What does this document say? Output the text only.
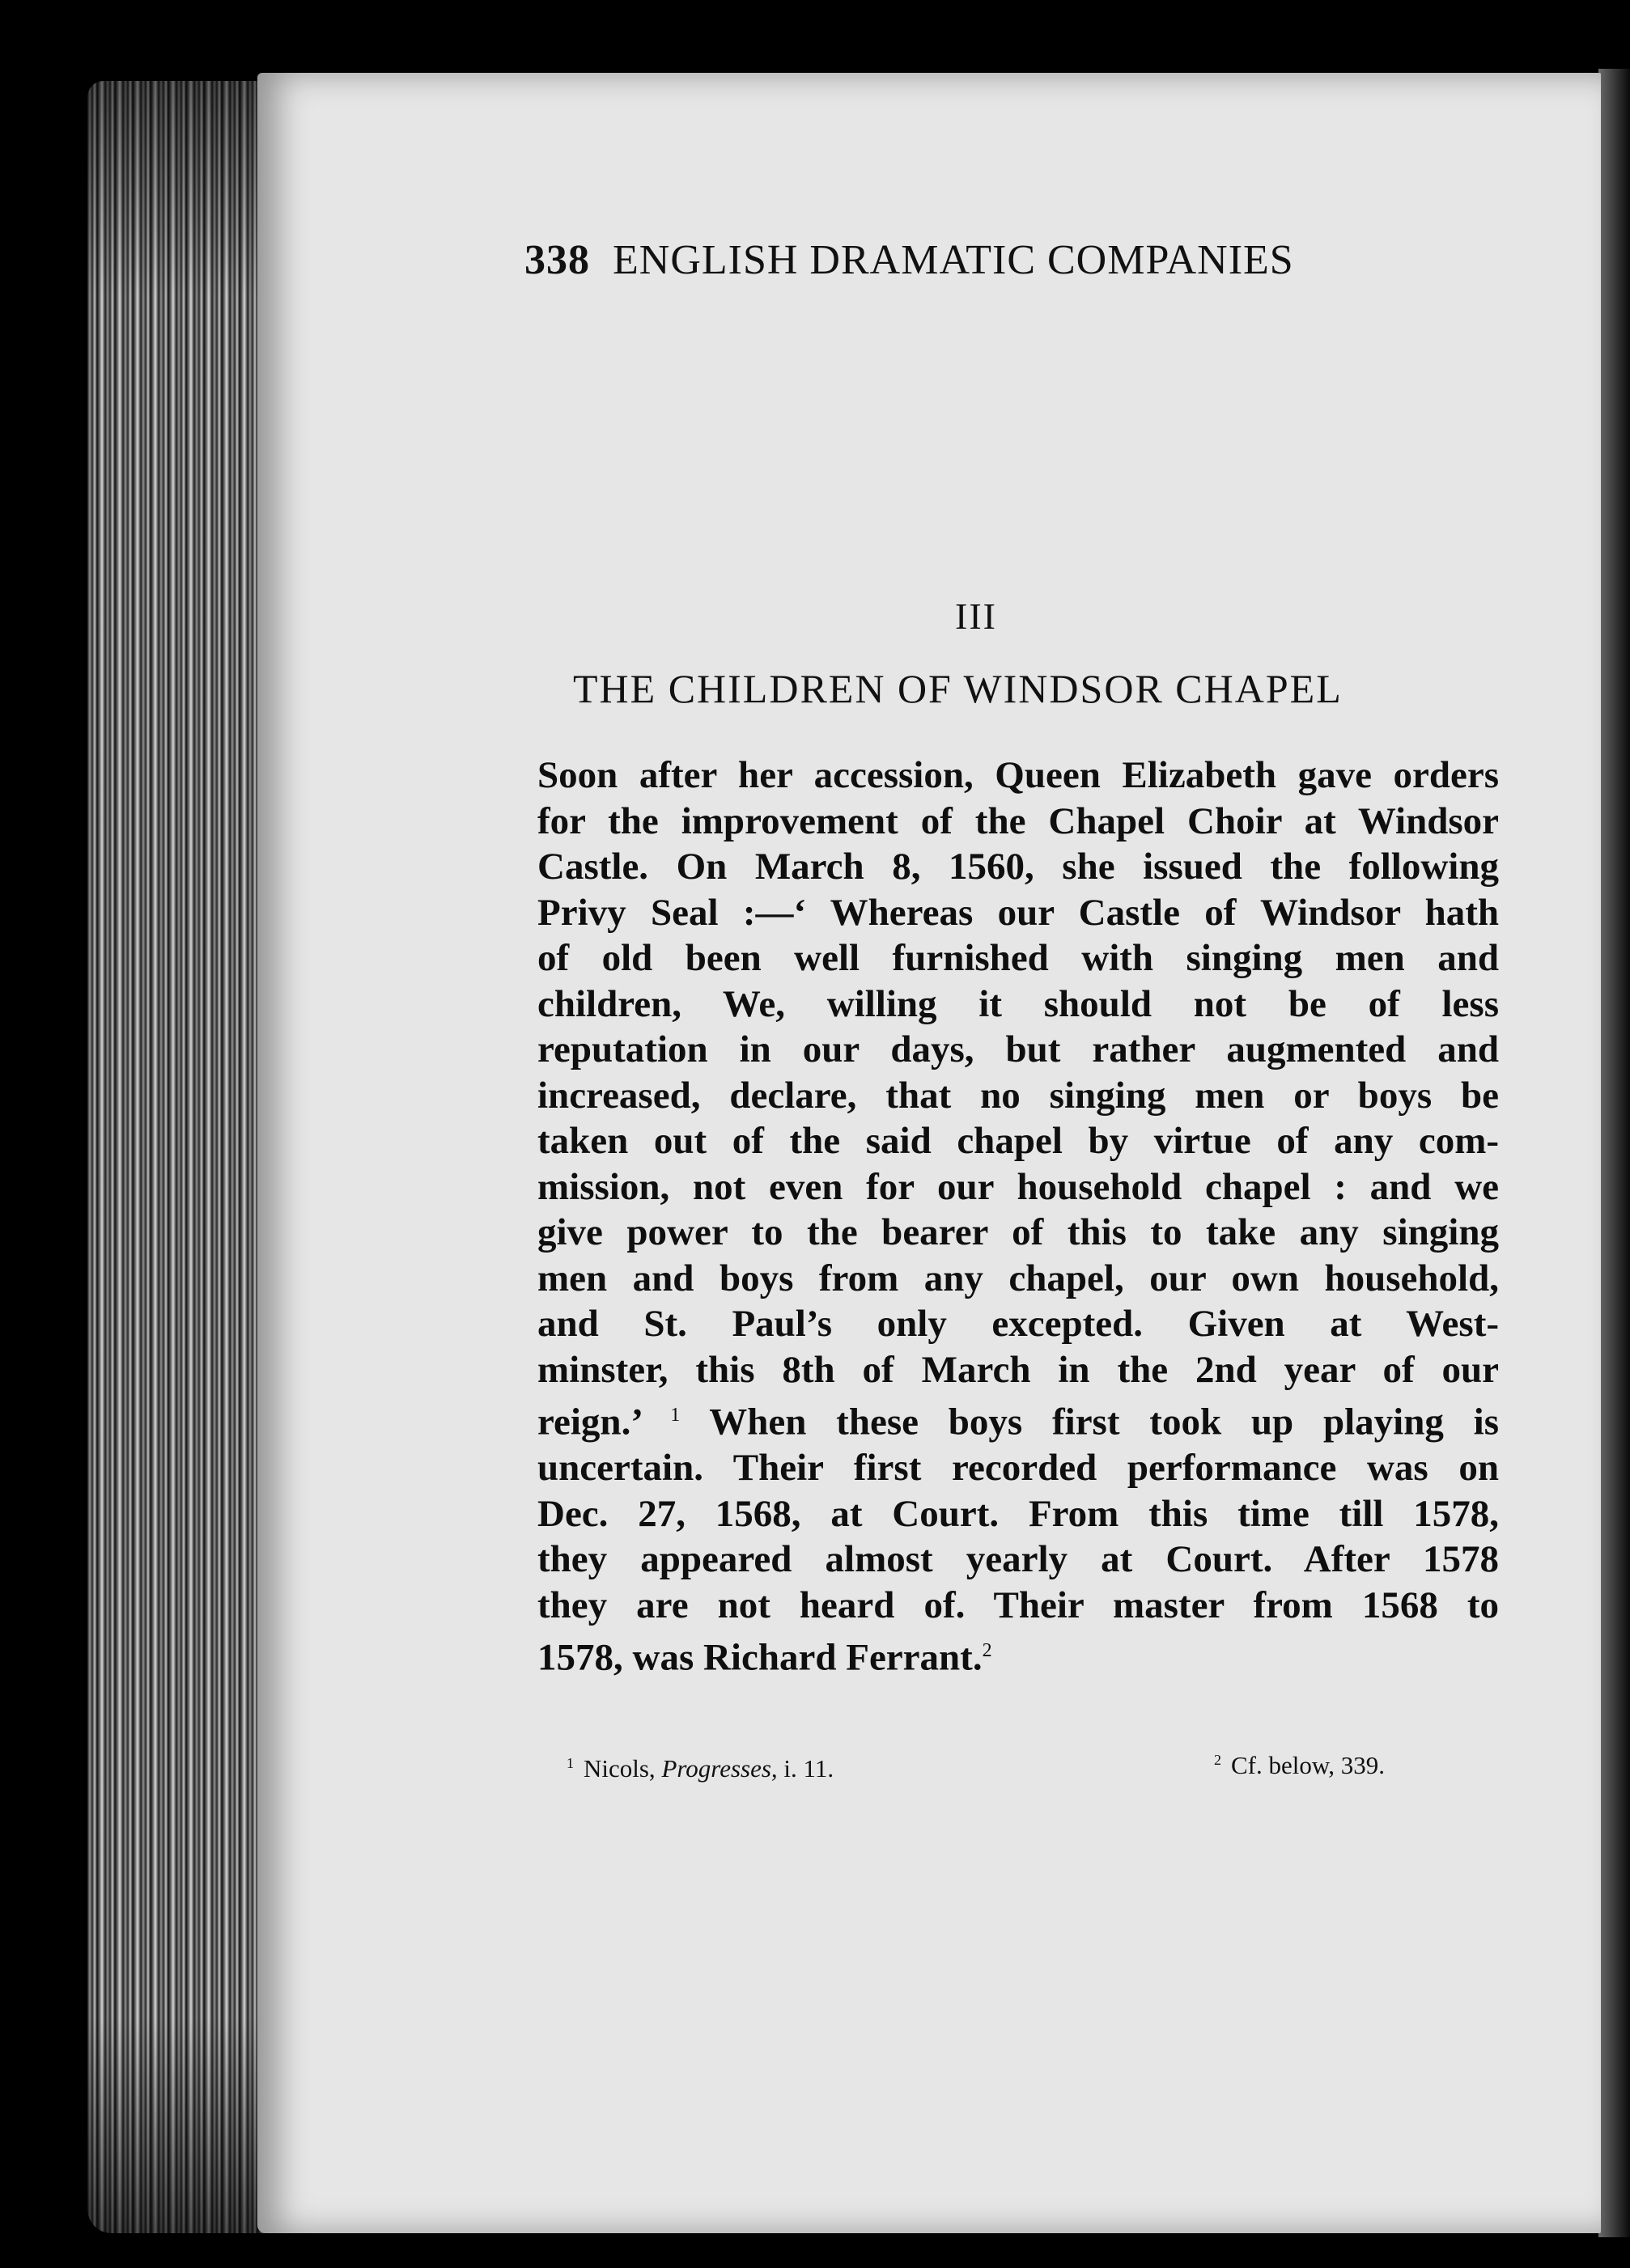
338 ENGLISH DRAMATIC COMPANIES
III
THE CHILDREN OF WINDSOR CHAPEL
Soon after her accession, Queen Elizabeth gave orders
for the improvement of the Chapel Choir at Windsor
Castle. On March 8, 1560, she issued the following
Privy Seal :—‘ Whereas our Castle of Windsor hath
of old been well furnished with singing men and
children, We, willing it should not be of less
reputation in our days, but rather augmented and
increased, declare, that no singing men or boys be
taken out of the said chapel by virtue of any com-
mission, not even for our household chapel : and we
give power to the bearer of this to take any singing
men and boys from any chapel, our own household,
and St. Paul’s only excepted. Given at West-
minster, this 8th of March in the 2nd year of our
reign.’ $^1$ When these boys first took up playing is
uncertain. Their first recorded performance was on
Dec. 27, 1568, at Court. From this time till 1578,
they appeared almost yearly at Court. After 1578
they are not heard of. Their master from 1568 to
1578, was Richard Ferrant.$^2$
$^1$ Nicols, Progresses, i. 11.	$^2$ Cf. below, 339.
